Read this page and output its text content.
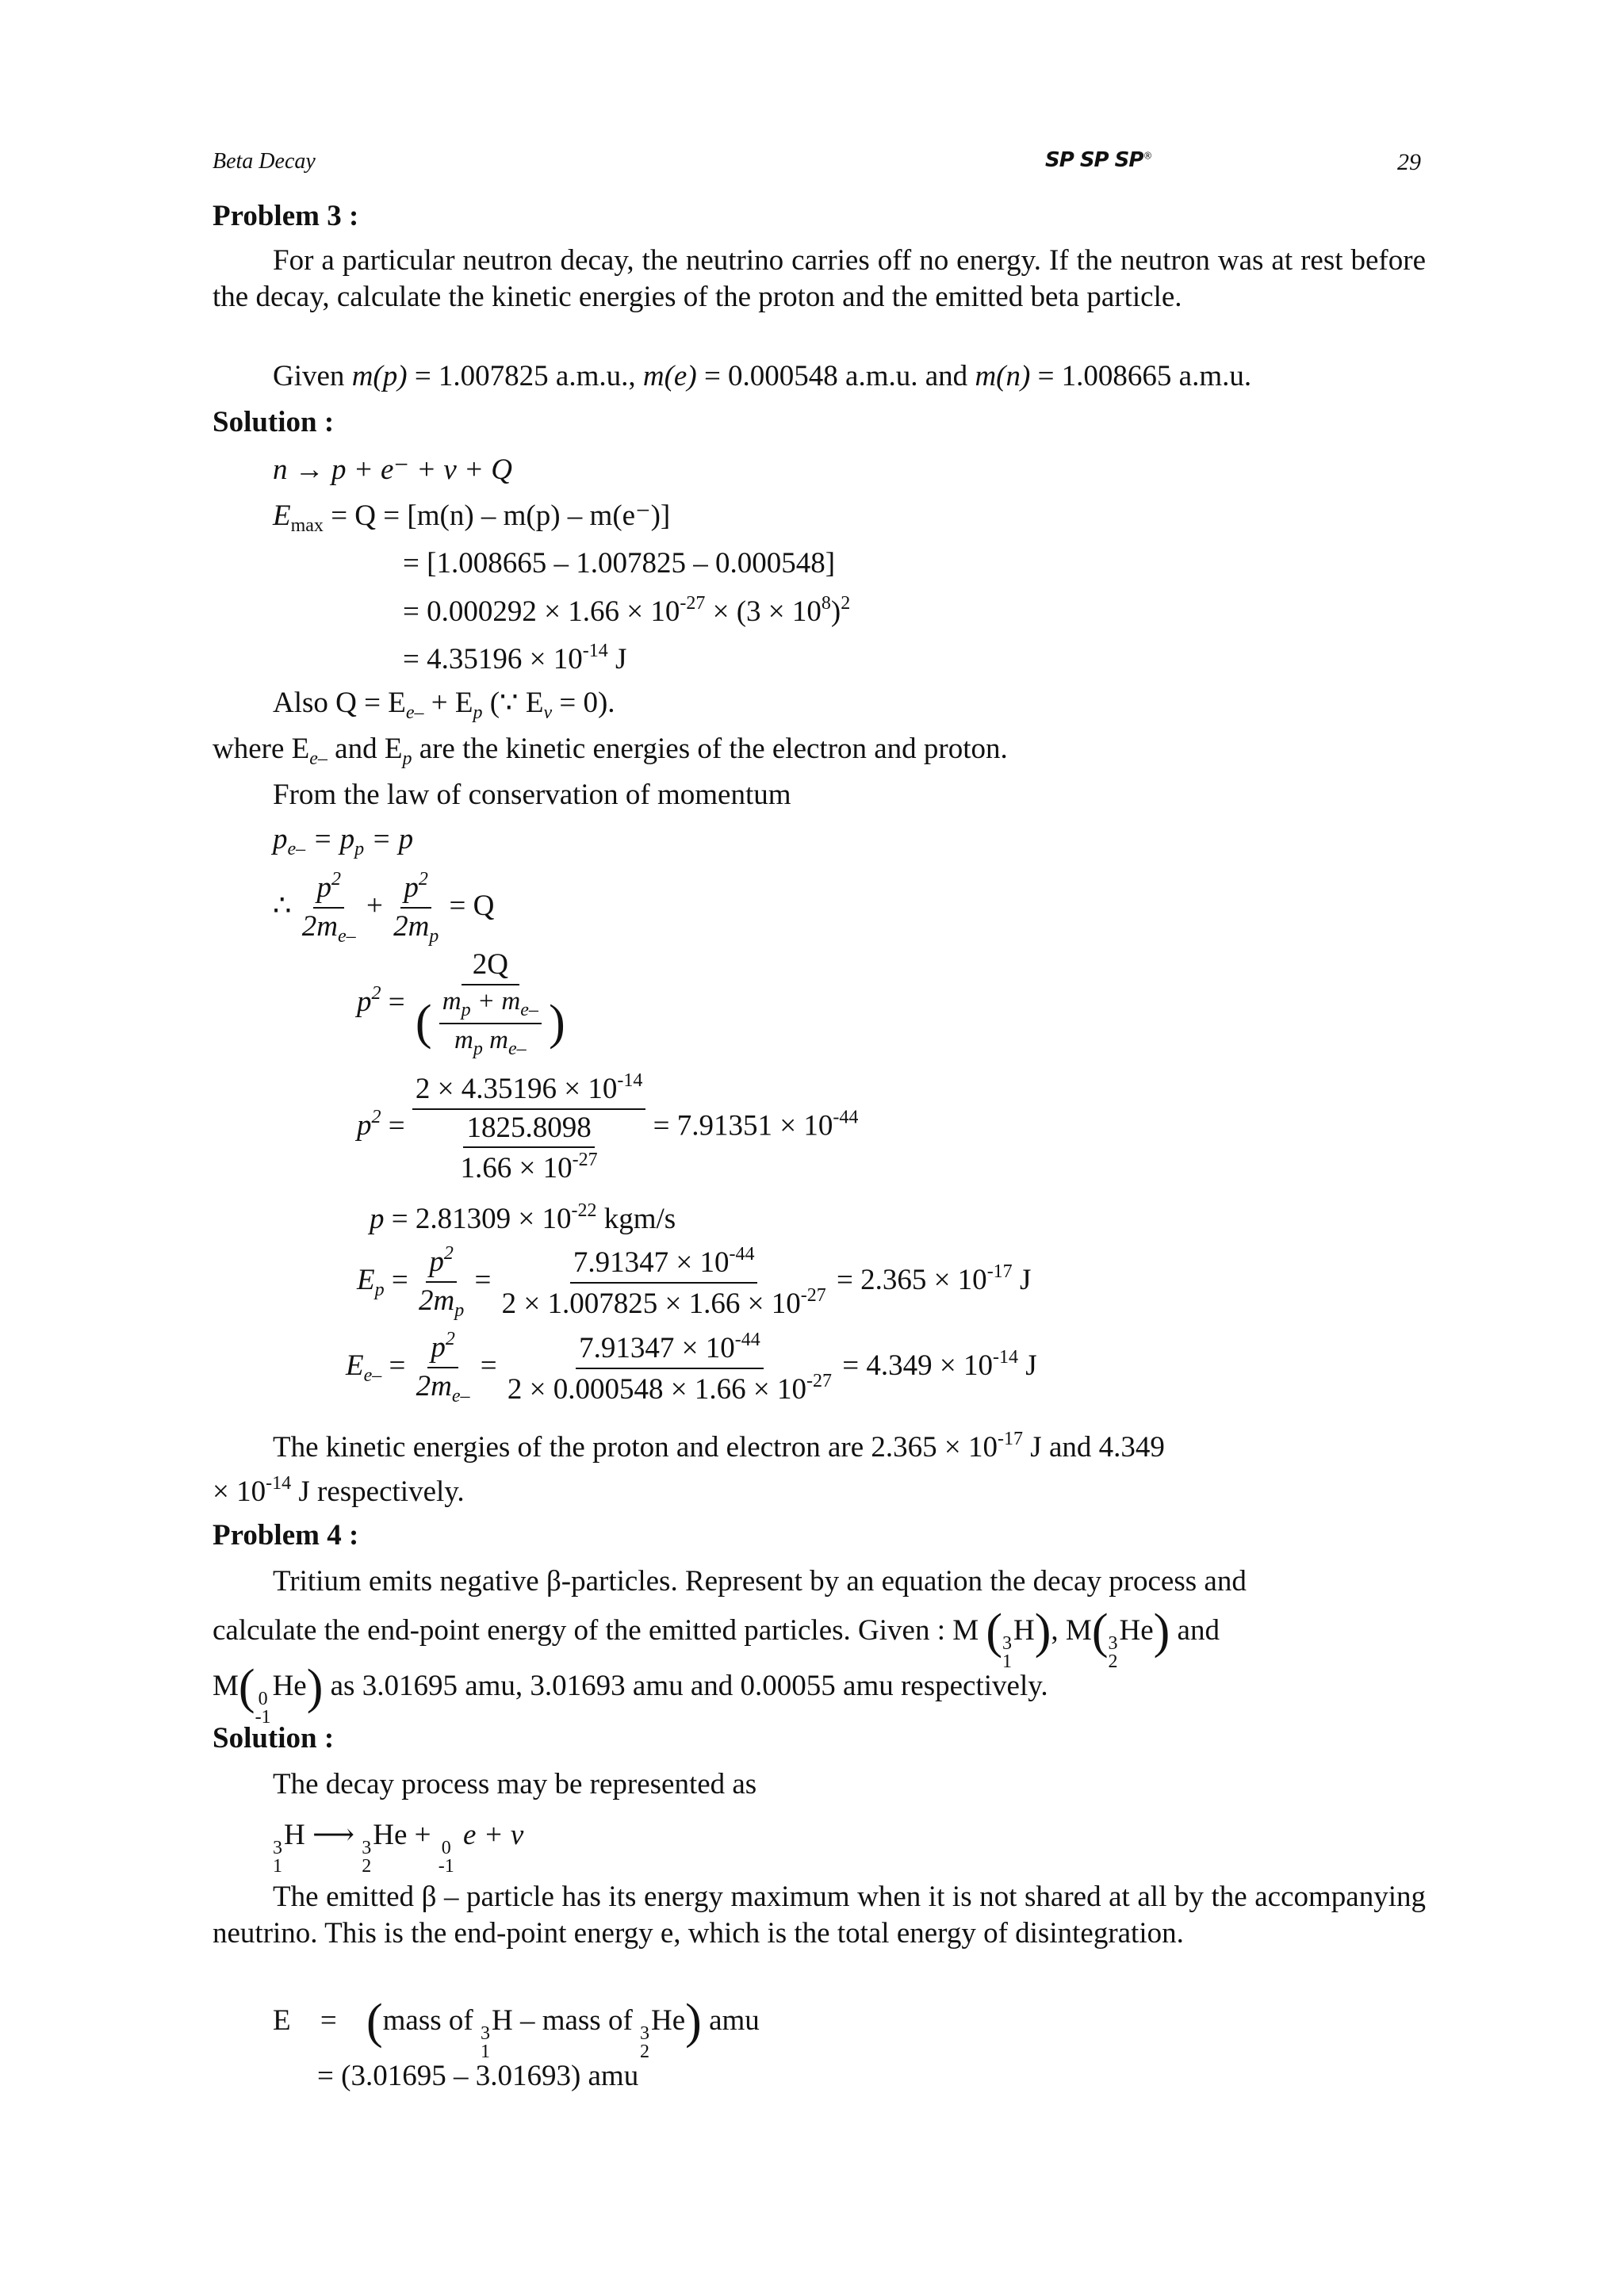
Beta Decay	SP SP SP®	29
Problem 3 :
For a particular neutron decay, the neutrino carries off no energy. If the neutron was at rest before the decay, calculate the kinetic energies of the proton and the emitted beta particle.
Given m(p) = 1.007825 a.m.u., m(e) = 0.000548 a.m.u. and m(n) = 1.008665 a.m.u.
Solution :
n → p + e⁻ + ν + Q
$E_{max} = Q = [m(n) - m(p) - m(e^-)]$
= [1.008665 – 1.007825 – 0.000548]
= $0.000292 \times 1.66 \times 10^{-27} \times (3 \times 10^8)^2$
= $4.35196 \times 10^{-14}$ J
Also $Q = E_{e-} + E_p$ (∵ $E_\nu = 0$).
where $E_{e-}$ and $E_p$ are the kinetic energies of the electron and proton.
From the law of conservation of momentum
$p_{e-} = p_p = p$
∴ $\frac{p^2}{2m_{e-}} + \frac{p^2}{2m_p} = Q$
$p^2$ =
2Q
( $\frac{m_p + m_{e-}}{m_p m_{e-}}$ )
$p^2 = \frac{2 \times 4.35196 \times 10^{-14}}{\frac{1825.8098}{1.66 \times 10^{-27}}} = 7.91351 \times 10^{-44}$
$p = 2.81309 \times 10^{-22}$ kgm/s
$E_p = \frac{p^2}{2m_p} = \frac{7.91347 \times 10^{-44}}{2 \times 1.007825 \times 1.66 \times 10^{-27}} = 2.365 \times 10^{-17}$ J
$E_{e-} = \frac{p^2}{2m_{e-}} = \frac{7.91347 \times 10^{-44}}{2 \times 0.000548 \times 1.66 \times 10^{-27}} = 4.349 \times 10^{-14}$ J
The kinetic energies of the proton and electron are $2.365 \times 10^{-17}$ J and 4.349
× $10^{-14}$ J respectively.
Problem 4 :
Tritium emits negative β-particles. Represent by an equation the decay process and
calculate the end-point energy of the emitted particles. Given : M ( 3
1
H), M( 3
2
He) and
M( 0
-1
He) as 3.01695 amu, 3.01693 amu and 0.00055 amu respectively.
Solution :
The decay process may be represented as
3
1
H ⟶ 3
2
He + 0
-1
e + v
The emitted β – particle has its energy maximum when it is not shared at all by the accompanying neutrino. This is the end-point energy e, which is the total energy of disintegration.
E = (mass of 3
1
H – mass of 3
2
He) amu
= (3.01695 – 3.01693) amu
